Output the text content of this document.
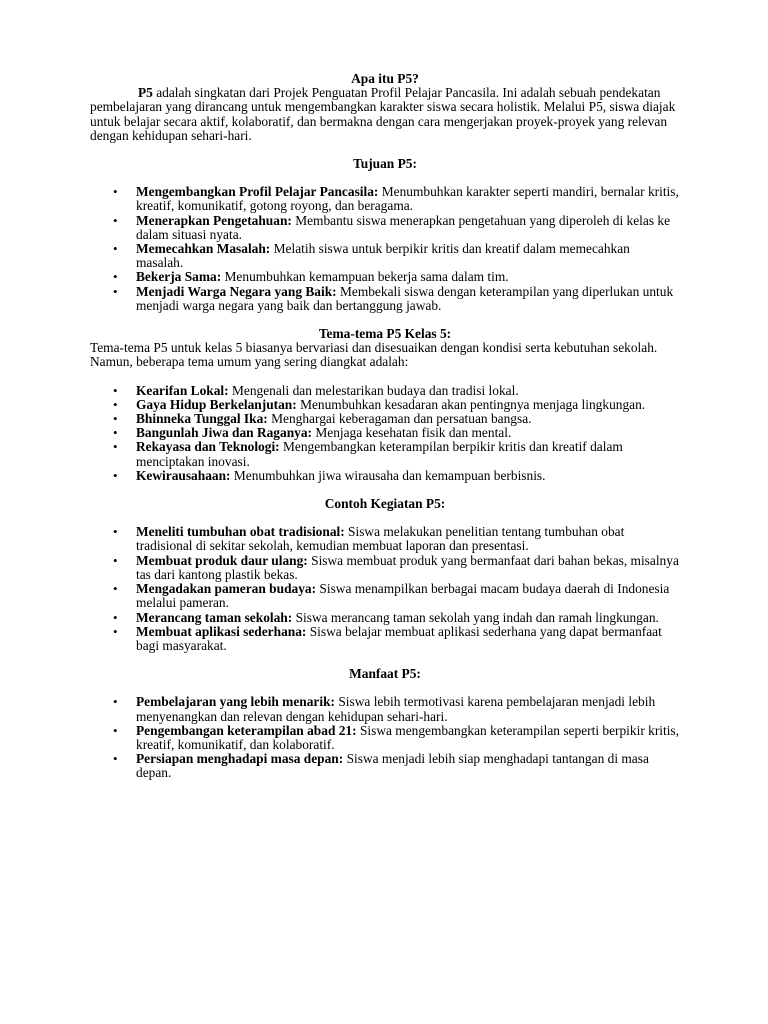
Apa itu P5?

P5 adalah singkatan dari Projek Penguatan Profil Pelajar Pancasila. Ini adalah sebuah pendekatan pembelajaran yang dirancang untuk mengembangkan karakter siswa secara holistik. Melalui P5, siswa diajak untuk belajar secara aktif, kolaboratif, dan bermakna dengan cara mengerjakan proyek-proyek yang relevan dengan kehidupan sehari-hari.

Tujuan P5:

• Mengembangkan Profil Pelajar Pancasila: Menumbuhkan karakter seperti mandiri, bernalar kritis, kreatif, komunikatif, gotong royong, dan beragama.
• Menerapkan Pengetahuan: Membantu siswa menerapkan pengetahuan yang diperoleh di kelas ke dalam situasi nyata.
• Memecahkan Masalah: Melatih siswa untuk berpikir kritis dan kreatif dalam memecahkan masalah.
• Bekerja Sama: Menumbuhkan kemampuan bekerja sama dalam tim.
• Menjadi Warga Negara yang Baik: Membekali siswa dengan keterampilan yang diperlukan untuk menjadi warga negara yang baik dan bertanggung jawab.

Tema-tema P5 Kelas 5:

Tema-tema P5 untuk kelas 5 biasanya bervariasi dan disesuaikan dengan kondisi serta kebutuhan sekolah. Namun, beberapa tema umum yang sering diangkat adalah:

• Kearifan Lokal: Mengenali dan melestarikan budaya dan tradisi lokal.
• Gaya Hidup Berkelanjutan: Menumbuhkan kesadaran akan pentingnya menjaga lingkungan.
• Bhinneka Tunggal Ika: Menghargai keberagaman dan persatuan bangsa.
• Bangunlah Jiwa dan Raganya: Menjaga kesehatan fisik dan mental.
• Rekayasa dan Teknologi: Mengembangkan keterampilan berpikir kritis dan kreatif dalam menciptakan inovasi.
• Kewirausahaan: Menumbuhkan jiwa wirausaha dan kemampuan berbisnis.

Contoh Kegiatan P5:

• Meneliti tumbuhan obat tradisional: Siswa melakukan penelitian tentang tumbuhan obat tradisional di sekitar sekolah, kemudian membuat laporan dan presentasi.
• Membuat produk daur ulang: Siswa membuat produk yang bermanfaat dari bahan bekas, misalnya tas dari kantong plastik bekas.
• Mengadakan pameran budaya: Siswa menampilkan berbagai macam budaya daerah di Indonesia melalui pameran.
• Merancang taman sekolah: Siswa merancang taman sekolah yang indah dan ramah lingkungan.
• Membuat aplikasi sederhana: Siswa belajar membuat aplikasi sederhana yang dapat bermanfaat bagi masyarakat.

Manfaat P5:

• Pembelajaran yang lebih menarik: Siswa lebih termotivasi karena pembelajaran menjadi lebih menyenangkan dan relevan dengan kehidupan sehari-hari.
• Pengembangan keterampilan abad 21: Siswa mengembangkan keterampilan seperti berpikir kritis, kreatif, komunikatif, dan kolaboratif.
• Persiapan menghadapi masa depan: Siswa menjadi lebih siap menghadapi tantangan di masa depan.
